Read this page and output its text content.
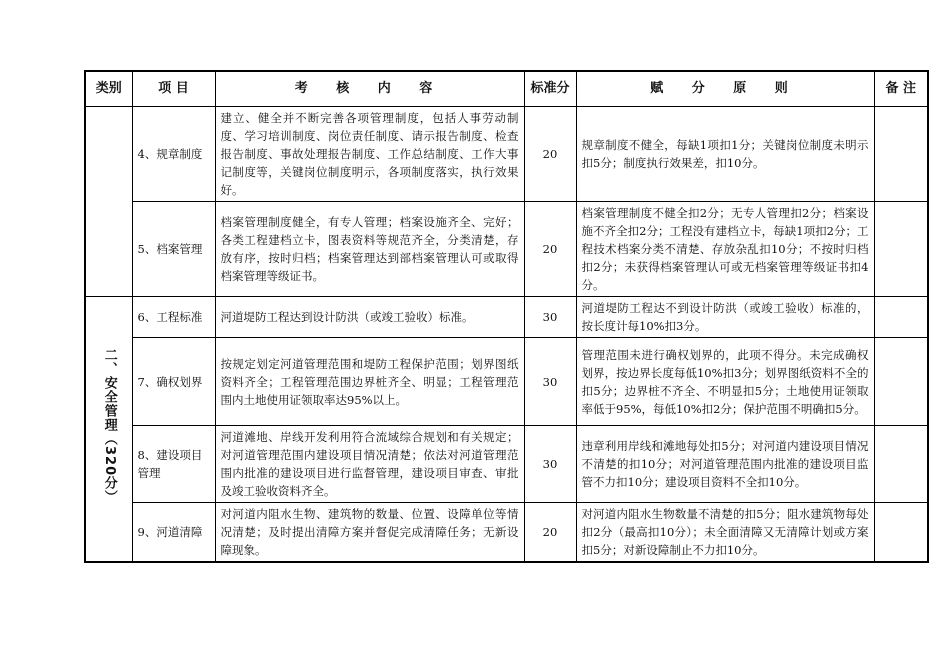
类别	项 目	考 核 内 容	标准分	赋 分 原 则	备 注
	4、规章制度	建立、健全并不断完善各项管理制度，包括人事劳动制度、学习培训制度、岗位责任制度、请示报告制度、检查报告制度、事故处理报告制度、工作总结制度、工作大事记制度等，关键岗位制度明示，各项制度落实，执行效果好。	20	规章制度不健全，每缺1项扣1分；关键岗位制度未明示扣5分；制度执行效果差，扣10分。	
	5、档案管理	档案管理制度健全，有专人管理；档案设施齐全、完好；各类工程建档立卡，图表资料等规范齐全，分类清楚，存放有序，按时归档；档案管理达到部档案管理认可或取得档案管理等级证书。	20	档案管理制度不健全扣2分；无专人管理扣2分；档案设施不齐全扣2分；工程没有建档立卡，每缺1项扣2分；工程技术档案分类不清楚、存放杂乱扣10分；不按时归档扣2分；未获得档案管理认可或无档案管理等级证书扣4分。	
二、安全管理（320分）	6、工程标准	河道堤防工程达到设计防洪（或竣工验收）标准。	30	河道堤防工程达不到设计防洪（或竣工验收）标准的，按长度计每10%扣3分。	
	7、确权划界	按规定划定河道管理范围和堤防工程保护范围；划界图纸资料齐全；工程管理范围边界桩齐全、明显；工程管理范围内土地使用证领取率达95%以上。	30	管理范围未进行确权划界的，此项不得分。未完成确权划界，按边界长度每低10%扣3分；划界图纸资料不全的扣5分；边界桩不齐全、不明显扣5分；土地使用证领取率低于95%，每低10%扣2分；保护范围不明确扣5分。	
	8、建设项目管理	河道滩地、岸线开发利用符合流域综合规划和有关规定；对河道管理范围内建设项目情况清楚；依法对河道管理范围内批准的建设项目进行监督管理，建设项目审查、审批及竣工验收资料齐全。	30	违章利用岸线和滩地每处扣5分；对河道内建设项目情况不清楚的扣10分；对河道管理范围内批准的建设项目监管不力扣10分；建设项目资料不全扣10分。	
	9、河道清障	对河道内阻水生物、建筑物的数量、位置、设障单位等情况清楚；及时提出清障方案并督促完成清障任务；无新设障现象。	20	对河道内阻水生物数量不清楚的扣5分；阻水建筑物每处扣2分（最高扣10分）；未全面清障又无清障计划或方案扣5分；对新设障制止不力扣10分。	
